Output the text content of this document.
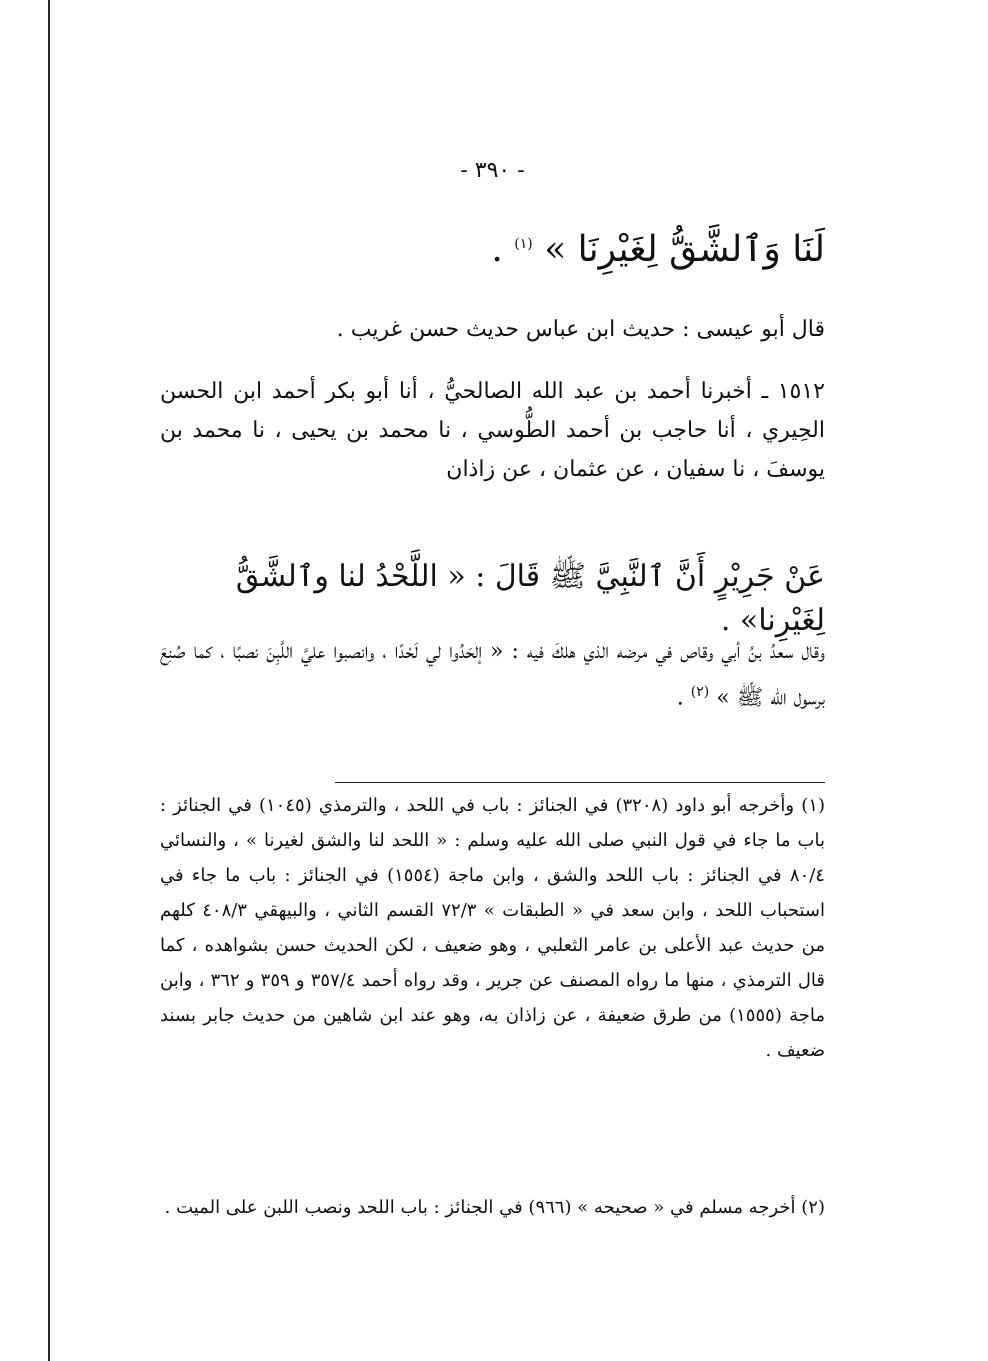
- ٣٩٠ -
لَنَا وَٱلشَّقُّ لِغَيْرِنَا » $^{(١)}$ .
قال أبو عيسى : حديث ابن عباس حديث حسن غريب .
١٥١٢ ـ أخبرنا أحمد بن عبد الله الصالحيُّ ، أنا أبو بكر أحمد ابن الحسن الحِيري ، أنا حاجب بن أحمد الطُّوسي ، نا محمد بن يحيى ، نا محمد بن يوسفَ ، نا سفيان ، عن عثمان ، عن زاذان
عَنْ جَرِيْرٍ أَنَّ ٱلنَّبِيَّ ﷺ قَالَ : « اللَّحْدُ لنا وٱلشَّقُّ لِغَيْرِنا» .
وقال سعدُ بنُ أبي وقاص في مرضه الذي هلكَ فيه : « إلحَدُوا لي لَحْدًا ، وانصبوا عليَّ اللَّبِنَ نصبًا ، كما صُنِعَ برسول الله ﷺ » $^{(٢)}$ .
(١) وأخرجه أبو داود (٣٢٠٨) في الجنائز : باب في اللحد ، والترمذي (١٠٤٥) في الجنائز : باب ما جاء في قول النبي صلى الله عليه وسلم : « اللحد لنا والشق لغيرنا » ، والنسائي ٨٠/٤ في الجنائز : باب اللحد والشق ، وابن ماجة (١٥٥٤) في الجنائز : باب ما جاء في استحباب اللحد ، وابن سعد في « الطبقات » ٧٢/٣ القسم الثاني ، والبيهقي ٤٠٨/٣ كلهم من حديث عبد الأعلى بن عامر الثعلبي ، وهو ضعيف ، لكن الحديث حسن بشواهده ، كما قال الترمذي ، منها ما رواه المصنف عن جرير ، وقد رواه أحمد ٣٥٧/٤ و ٣٥٩ و ٣٦٢ ، وابن ماجة (١٥٥٥) من طرق ضعيفة ، عن زاذان به، وهو عند ابن شاهين من حديث جابر بسند ضعيف .
(٢) أخرجه مسلم في « صحيحه » (٩٦٦) في الجنائز : باب اللحد ونصب اللبن على الميت .
